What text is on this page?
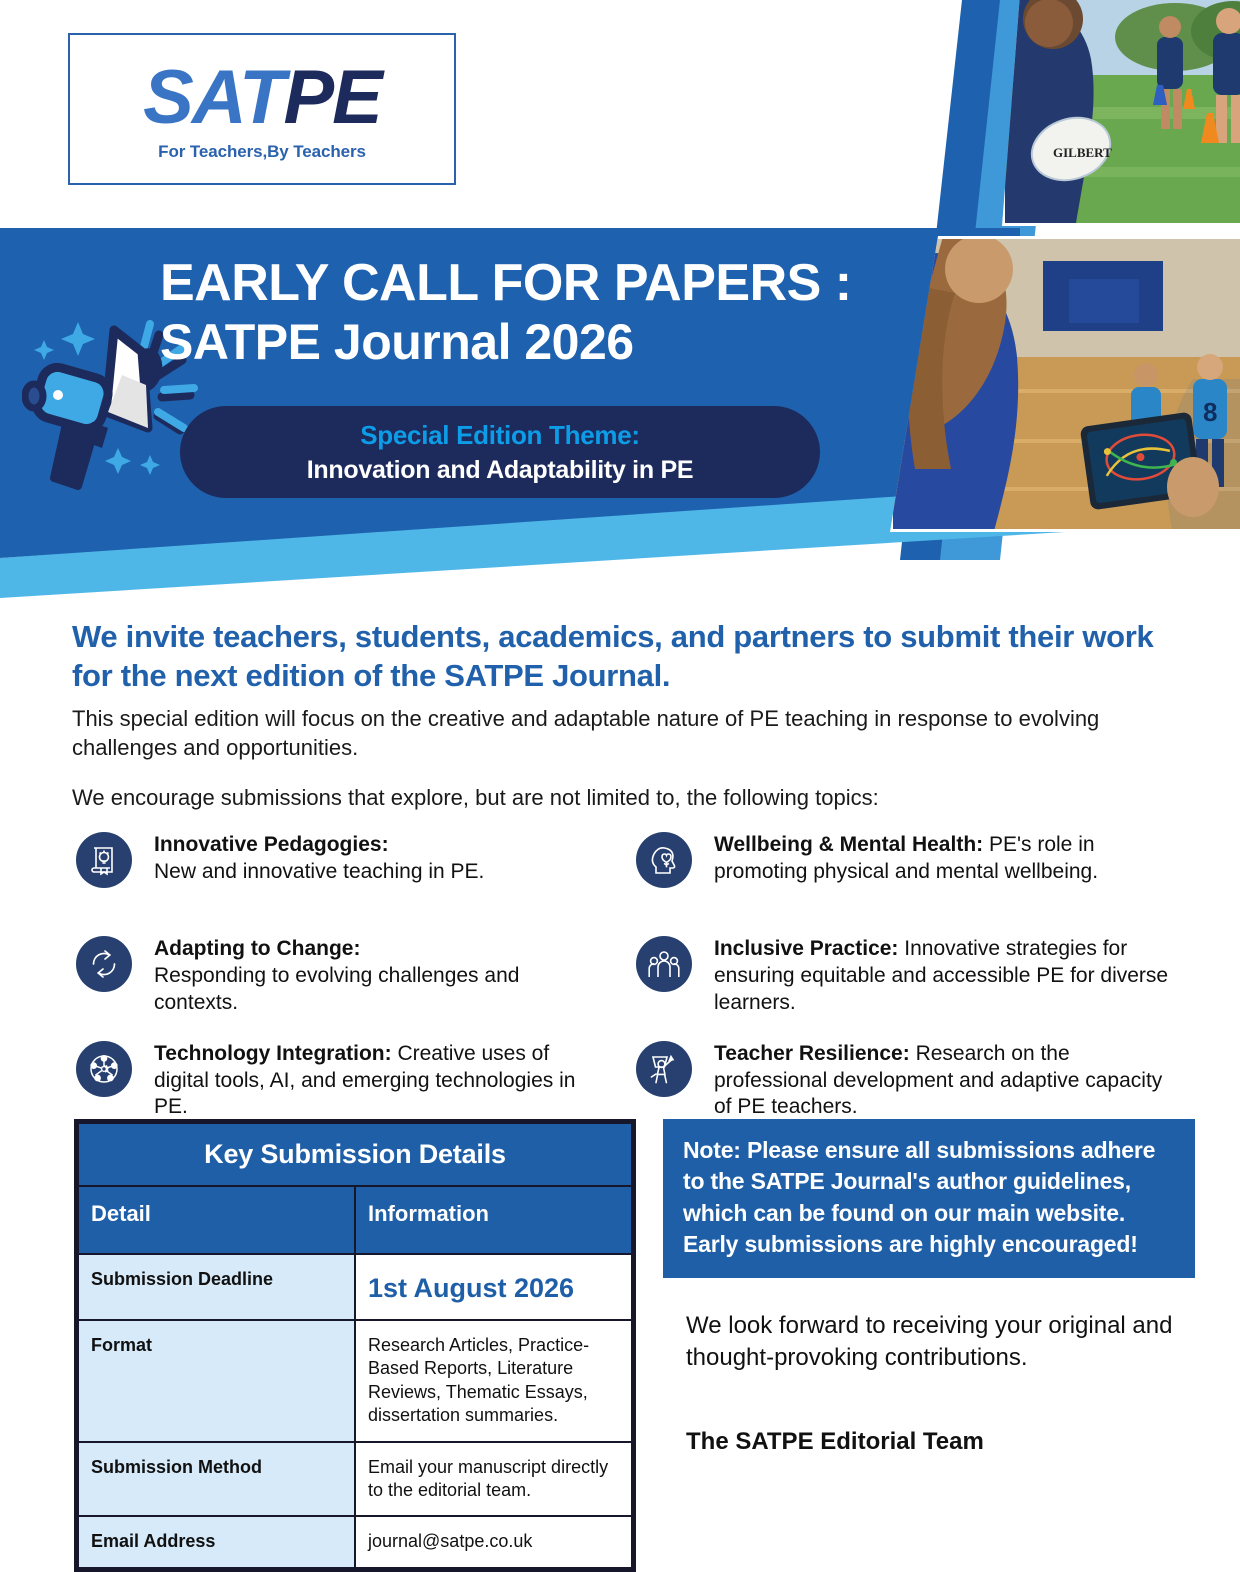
SATPE
For Teachers,By Teachers
EARLY CALL FOR PAPERS :
SATPE Journal 2026
Special Edition Theme:
Innovation and Adaptability in PE
GILBERT
8
We invite teachers, students, academics, and partners to submit their work for the next edition of the SATPE Journal.
This special edition will focus on the creative and adaptable nature of PE teaching in response to evolving challenges and opportunities.
We encourage submissions that explore, but are not limited to, the following topics:
Innovative Pedagogies:
New and innovative teaching in PE.
Wellbeing & Mental Health: PE's role in promoting physical and mental wellbeing.
Adapting to Change:
Responding to evolving challenges and contexts.
Inclusive Practice: Innovative strategies for ensuring equitable and accessible PE for diverse learners.
Technology Integration: Creative uses of digital tools, AI, and emerging technologies in PE.
Teacher Resilience: Research on the professional development and adaptive capacity of PE teachers.
Key Submission Details	
Detail	Information
Submission Deadline	1st August 2026
Format	Research Articles, Practice-Based Reports, Literature Reviews, Thematic Essays, dissertation summaries.
Submission Method	Email your manuscript directly to the editorial team.
Email Address	journal@satpe.co.uk
Note: Please ensure all submissions adhere to the SATPE Journal's author guidelines, which can be found on our main website. Early submissions are highly encouraged!
We look forward to receiving your original and thought-provoking contributions.
The SATPE Editorial Team
